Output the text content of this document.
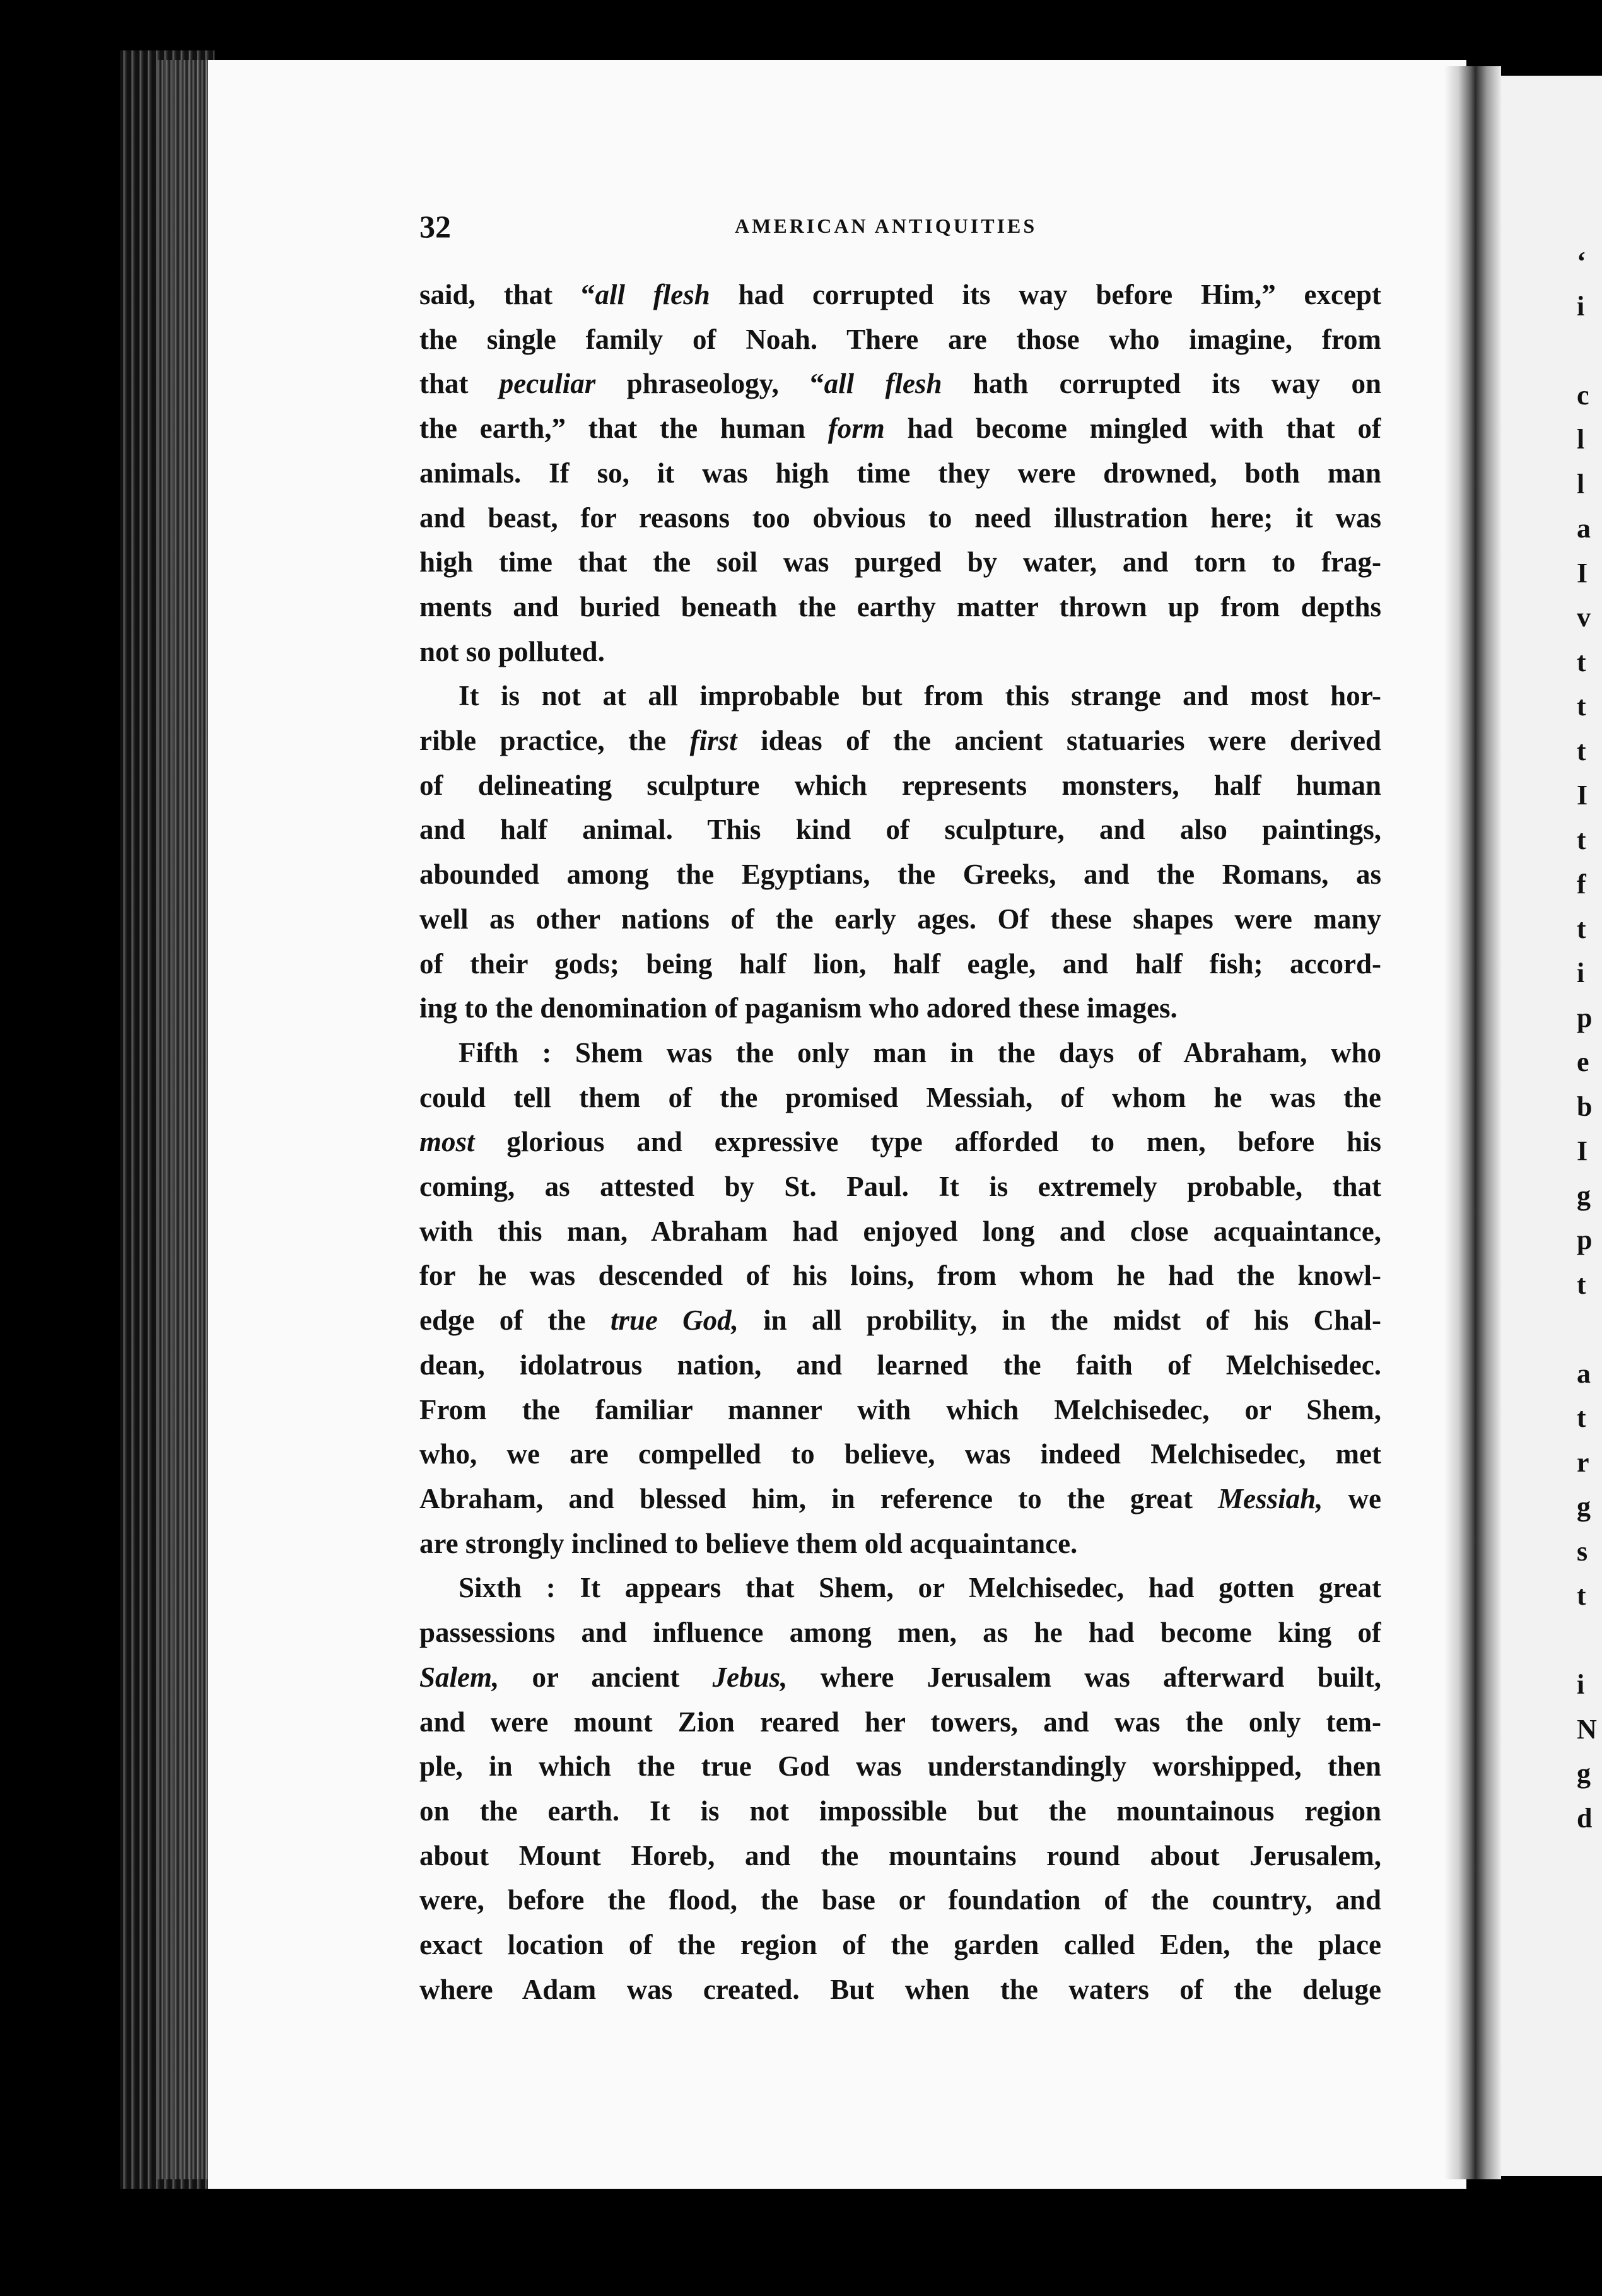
32	AMERICAN ANTIQUITIES

said, that “all flesh had corrupted its way before Him,” except
the single family of Noah. There are those who imagine, from
that peculiar phraseology, “all flesh hath corrupted its way on
the earth,” that the human form had become mingled with that of
animals. If so, it was high time they were drowned, both man
and beast, for reasons too obvious to need illustration here; it was
high time that the soil was purged by water, and torn to frag-
ments and buried beneath the earthy matter thrown up from depths
not so polluted.

It is not at all improbable but from this strange and most hor-
rible practice, the first ideas of the ancient statuaries were derived
of delineating sculpture which represents monsters, half human
and half animal. This kind of sculpture, and also paintings,
abounded among the Egyptians, the Greeks, and the Romans, as
well as other nations of the early ages. Of these shapes were many
of their gods; being half lion, half eagle, and half fish; accord-
ing to the denomination of paganism who adored these images.

Fifth : Shem was the only man in the days of Abraham, who
could tell them of the promised Messiah, of whom he was the
most glorious and expressive type afforded to men, before his
coming, as attested by St. Paul. It is extremely probable, that
with this man, Abraham had enjoyed long and close acquaintance,
for he was descended of his loins, from whom he had the knowl-
edge of the true God, in all probility, in the midst of his Chal-
dean, idolatrous nation, and learned the faith of Melchisedec.
From the familiar manner with which Melchisedec, or Shem,
who, we are compelled to believe, was indeed Melchisedec, met
Abraham, and blessed him, in reference to the great Messiah, we
are strongly inclined to believe them old acquaintance.

Sixth : It appears that Shem, or Melchisedec, had gotten great
passessions and influence among men, as he had become king of
Salem, or ancient Jebus, where Jerusalem was afterward built,
and were mount Zion reared her towers, and was the only tem-
ple, in which the true God was understandingly worshipped, then
on the earth. It is not impossible but the mountainous region
about Mount Horeb, and the mountains round about Jerusalem,
were, before the flood, the base or foundation of the country, and
exact location of the region of the garden called Eden, the place
where Adam was created. But when the waters of the deluge

‘
i
c
l
l
a
I
v
t
t
t
I
t
f
t
i
p
e
b
I
g
p
t
a
t
r
g
s
t
i
N
g
d
